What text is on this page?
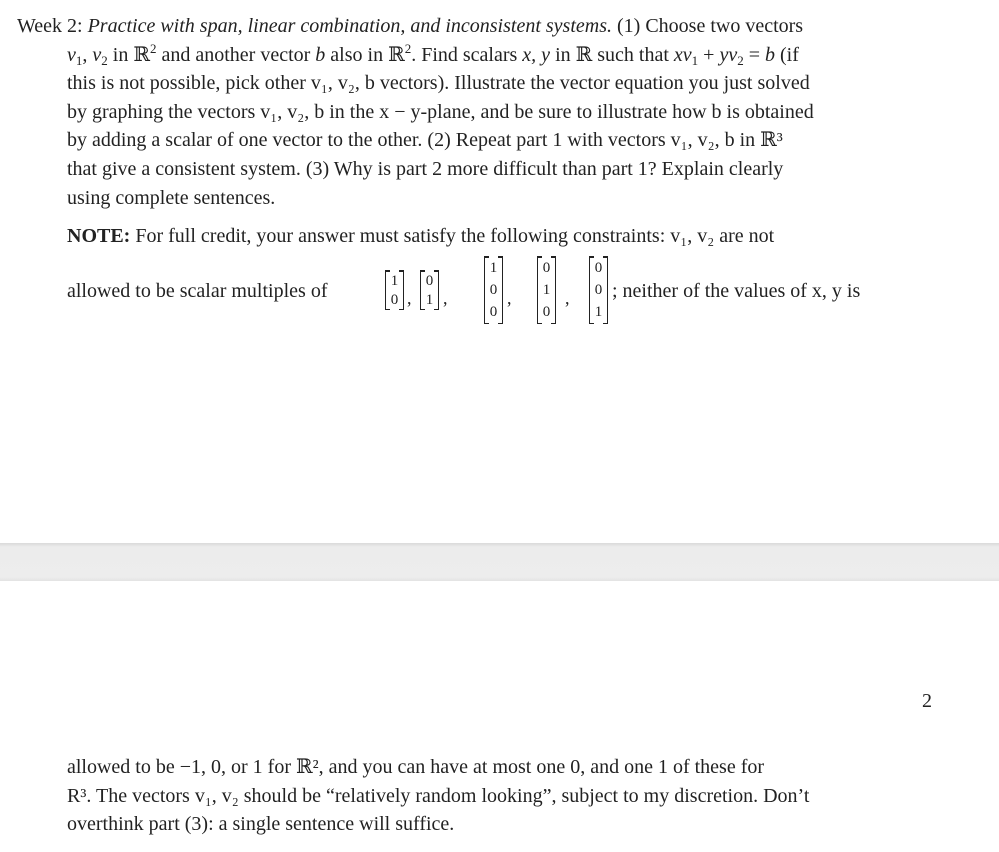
Week 2: Practice with span, linear combination, and inconsistent systems. (1) Choose two vectors
$v_1$, $v_2$ in ℝ$^2$ and another vector b also in ℝ$^2$. Find scalars x, y in ℝ such that $xv_1 + yv_2 = b$ (if
this is not possible, pick other v₁, v₂, b vectors). Illustrate the vector equation you just solved
by graphing the vectors v₁, v₂, b in the x − y-plane, and be sure to illustrate how b is obtained
by adding a scalar of one vector to the other. (2) Repeat part 1 with vectors v₁, v₂, b in ℝ³
that give a consistent system. (3) Why is part 2 more difficult than part 1? Explain clearly
using complete sentences.
NOTE: For full credit, your answer must satisfy the following constraints: v₁, v₂ are not
allowed to be scalar multiples of	1
0 ,
0
1 ,
1
0
0
,
0
1
0
,
0
0
1
; neither of the values of x, y is
2
allowed to be −1, 0, or 1 for ℝ², and you can have at most one 0, and one 1 of these for
R³. The vectors v₁, v₂ should be “relatively random looking”, subject to my discretion. Don’t
overthink part (3): a single sentence will suffice.
